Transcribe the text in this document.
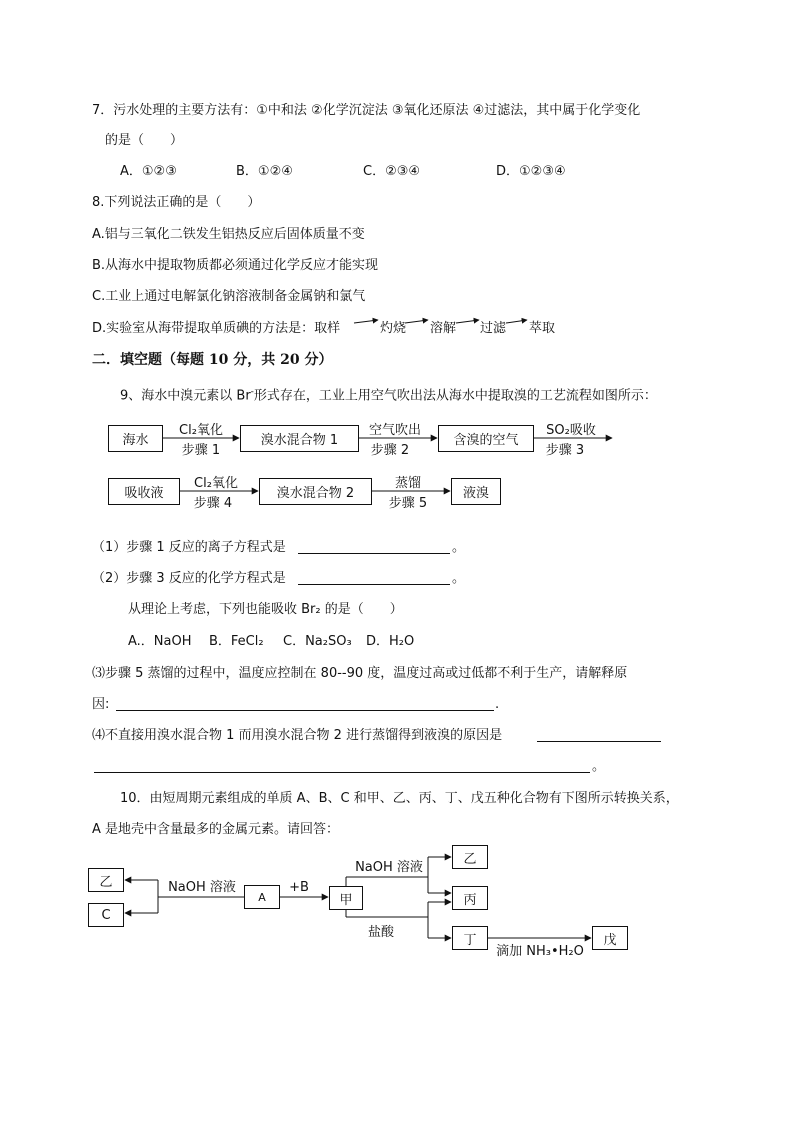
7．污水处理的主要方法有：①中和法 ②化学沉淀法 ③氧化还原法 ④过滤法，其中属于化学变化
的是（　　）
A．①②③	B．①②④	C．②③④	D．①②③④
8.下列说法正确的是（　　）
A.铝与三氧化二铁发生铝热反应后固体质量不变
B.从海水中提取物质都必须通过化学反应才能实现
C.工业上通过电解氯化钠溶液制备金属钠和氯气
D.实验室从海带提取单质碘的方法是：取样	灼烧 溶解 过滤 萃取
二．填空题（每题 10 分，共 20 分）
9、海水中溴元素以 Br-形式存在，工业上用空气吹出法从海水中提取溴的工艺流程如图所示：
海水	溴水混合物 1	含溴的空气
吸收液	溴水混合物 2	液溴
Cl₂氧化
步骤 1
空气吹出
步骤 2
SO₂吸收
步骤 3
Cl₂氧化
步骤 4
蒸馏
步骤 5
（1）步骤 1 反应的离子方程式是	。
（2）步骤 3 反应的化学方程式是	。
从理论上考虑，下列也能吸收 Br₂ 的是（　　）
A.．NaOH B．FeCl₂ C．Na₂SO₃ D．H₂O
⑶步骤 5 蒸馏的过程中，温度应控制在 80--90 度，温度过高或过低都不利于生产，请解释原
因:	.
⑷不直接用溴水混合物 1 而用溴水混合物 2 进行蒸馏得到液溴的原因是
。
10．由短周期元素组成的单质 A、B、C 和甲、乙、丙、丁、戊五种化合物有下图所示转换关系，
A 是地壳中含量最多的金属元素。请回答：
乙
C
A	甲
乙
丙
丁	戊
NaOH 溶液	+B
NaOH 溶液
盐酸
滴加 NH₃•H₂O
